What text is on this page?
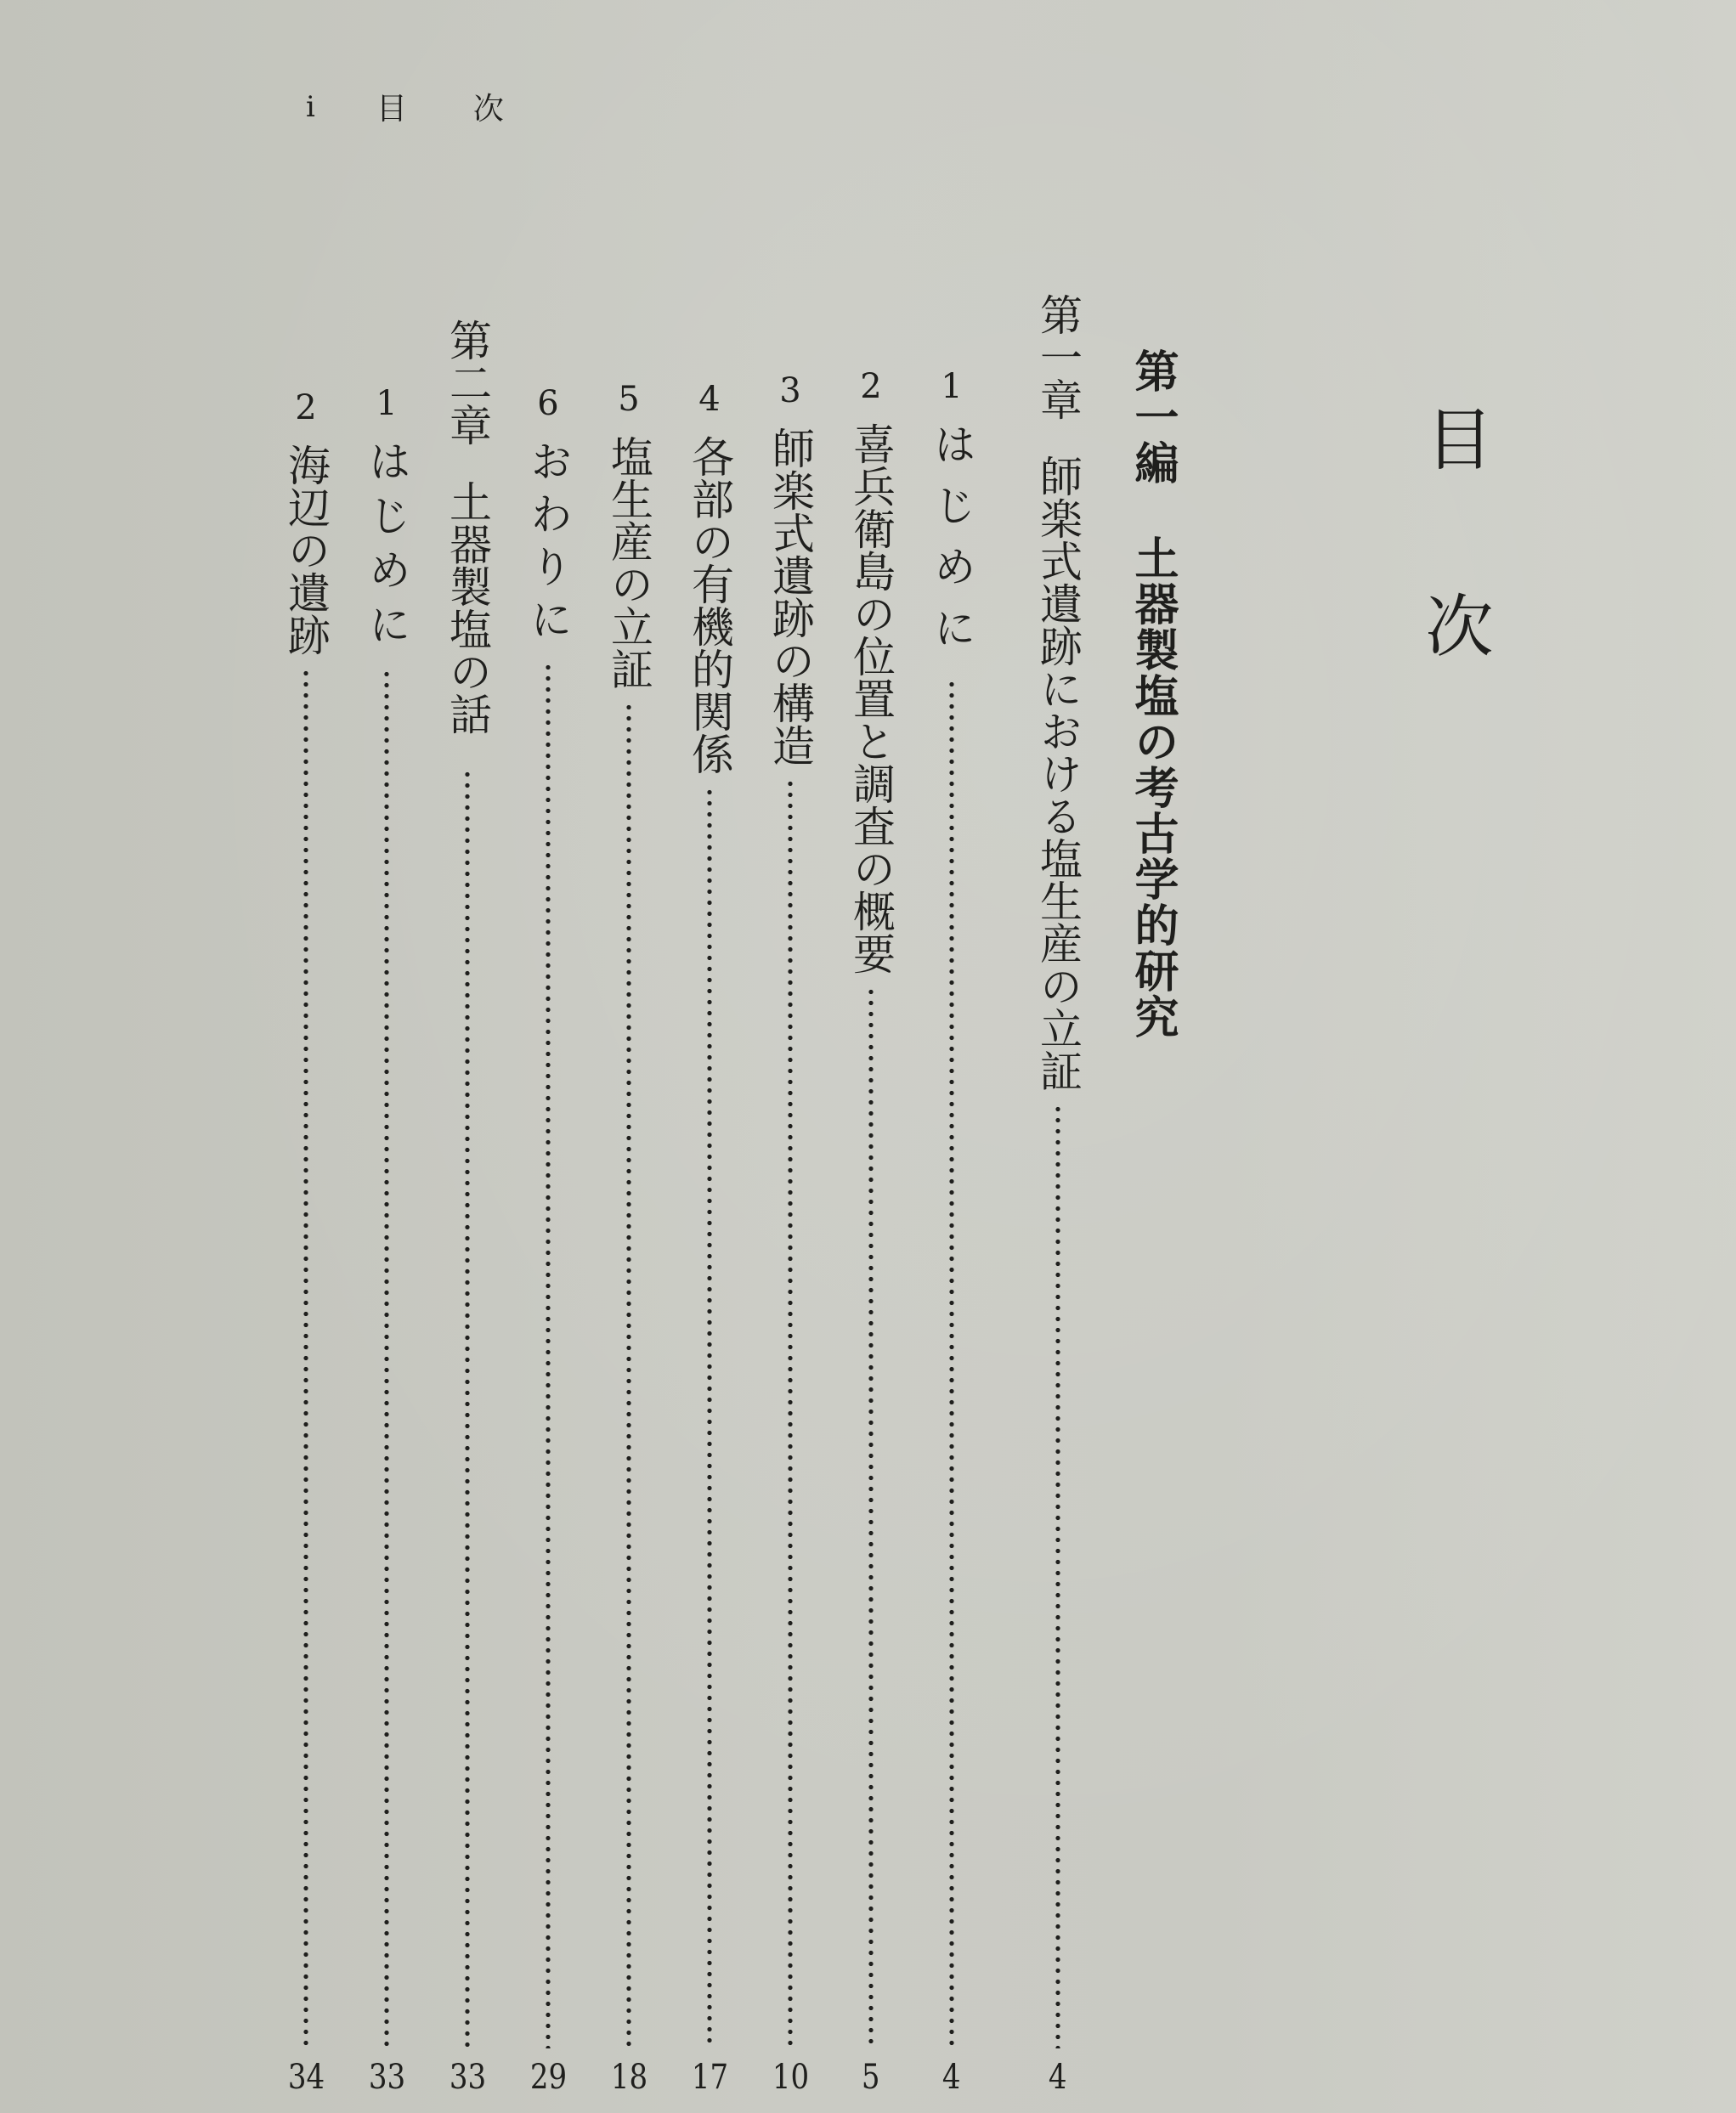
i 目次
目次
第一編土器製塩の考古学的研究
第一章師楽式遺跡における塩生産の立証
4
1
はじめに
4
2
喜兵衛島の位置と調査の概要
5
3
師楽式遺跡の構造
10
4
各部の有機的関係
17
5
塩生産の立証
18
6
おわりに
29
第二章土器製塩の話
33
1
はじめに
33
2
海辺の遺跡
34
